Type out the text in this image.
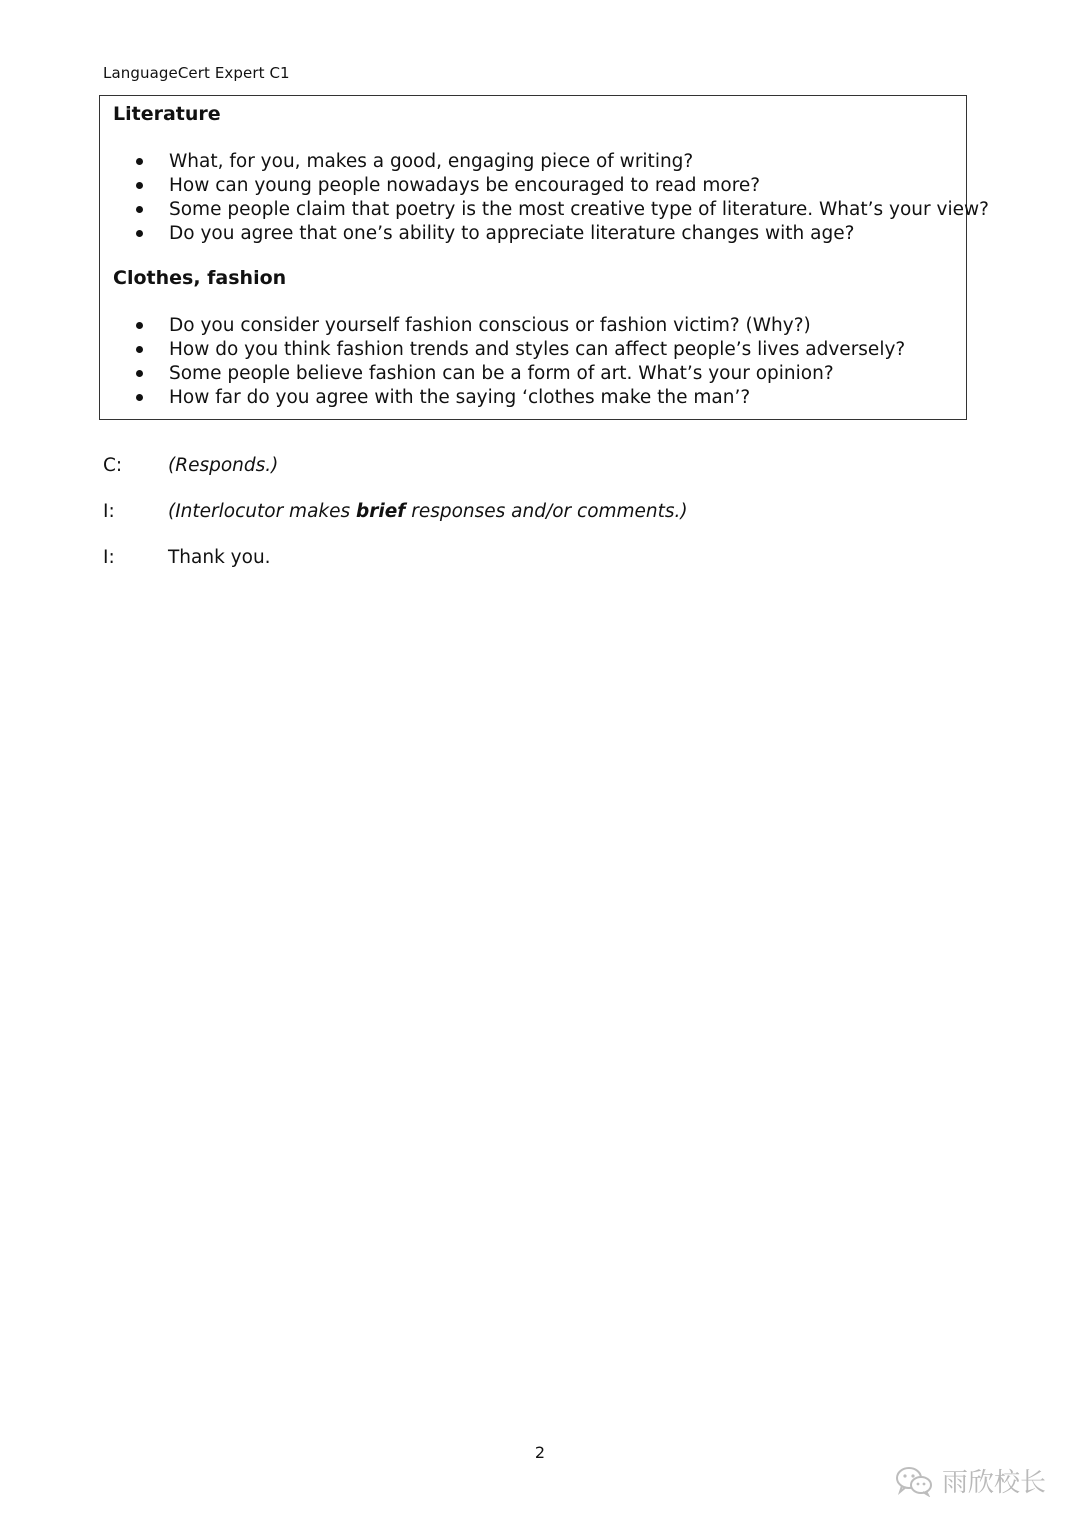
LanguageCert Expert C1
Literature
What, for you, makes a good, engaging piece of writing?
How can young people nowadays be encouraged to read more?
Some people claim that poetry is the most creative type of literature. What’s your view?
Do you agree that one’s ability to appreciate literature changes with age?
Clothes, fashion
Do you consider yourself fashion conscious or fashion victim? (Why?)
How do you think fashion trends and styles can affect people’s lives adversely?
Some people believe fashion can be a form of art. What’s your opinion?
How far do you agree with the saying ‘clothes make the man’?
C: (Responds.)
I:	(Interlocutor makes brief responses and/or comments.)
I:	Thank you.
2
雨欣校长
